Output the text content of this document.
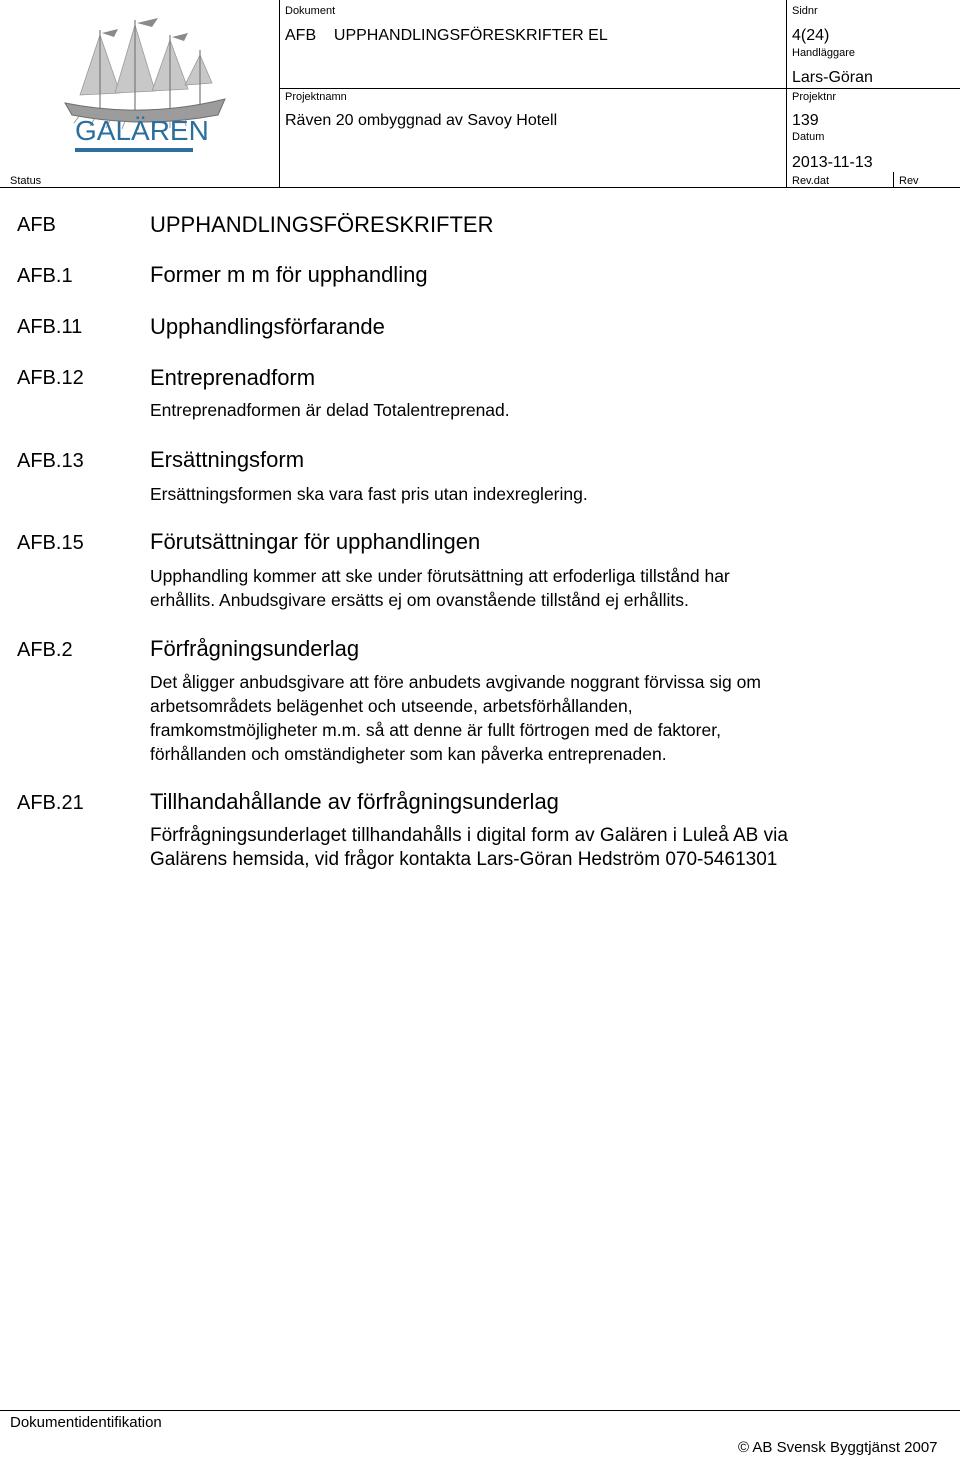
GALÄREN
Dokument
AFB    UPPHANDLINGSFÖRESKRIFTER EL
Sidnr
4(24)
Handläggare
Lars-Göran
Projektnamn
Räven 20 ombyggnad av Savoy Hotell
Projektnr
139
Datum
2013-11-13
Status	Rev.dat	Rev
AFB	UPPHANDLINGSFÖRESKRIFTER
AFB.1	Former m m för upphandling
AFB.11	Upphandlingsförfarande
AFB.12	Entreprenadform
Entreprenadformen är delad Totalentreprenad.
AFB.13	Ersättningsform
Ersättningsformen ska vara fast pris utan indexreglering.
AFB.15	Förutsättningar för upphandlingen
Upphandling kommer att ske under förutsättning att erfoderliga tillstånd har
erhållits. Anbudsgivare ersätts ej om ovanstående tillstånd ej erhållits.
AFB.2	Förfrågningsunderlag
Det åligger anbudsgivare att före anbudets avgivande noggrant förvissa sig om
arbetsområdets belägenhet och utseende, arbetsförhållanden,
framkomstmöjligheter m.m. så att denne är fullt förtrogen med de faktorer,
förhållanden och omständigheter som kan påverka entreprenaden.
AFB.21	Tillhandahållande av förfrågningsunderlag
Förfrågningsunderlaget tillhandahålls i digital form av Galären i Luleå AB via
Galärens hemsida, vid frågor kontakta Lars-Göran Hedström 070-5461301
Dokumentidentifikation
© AB Svensk Byggtjänst 2007
